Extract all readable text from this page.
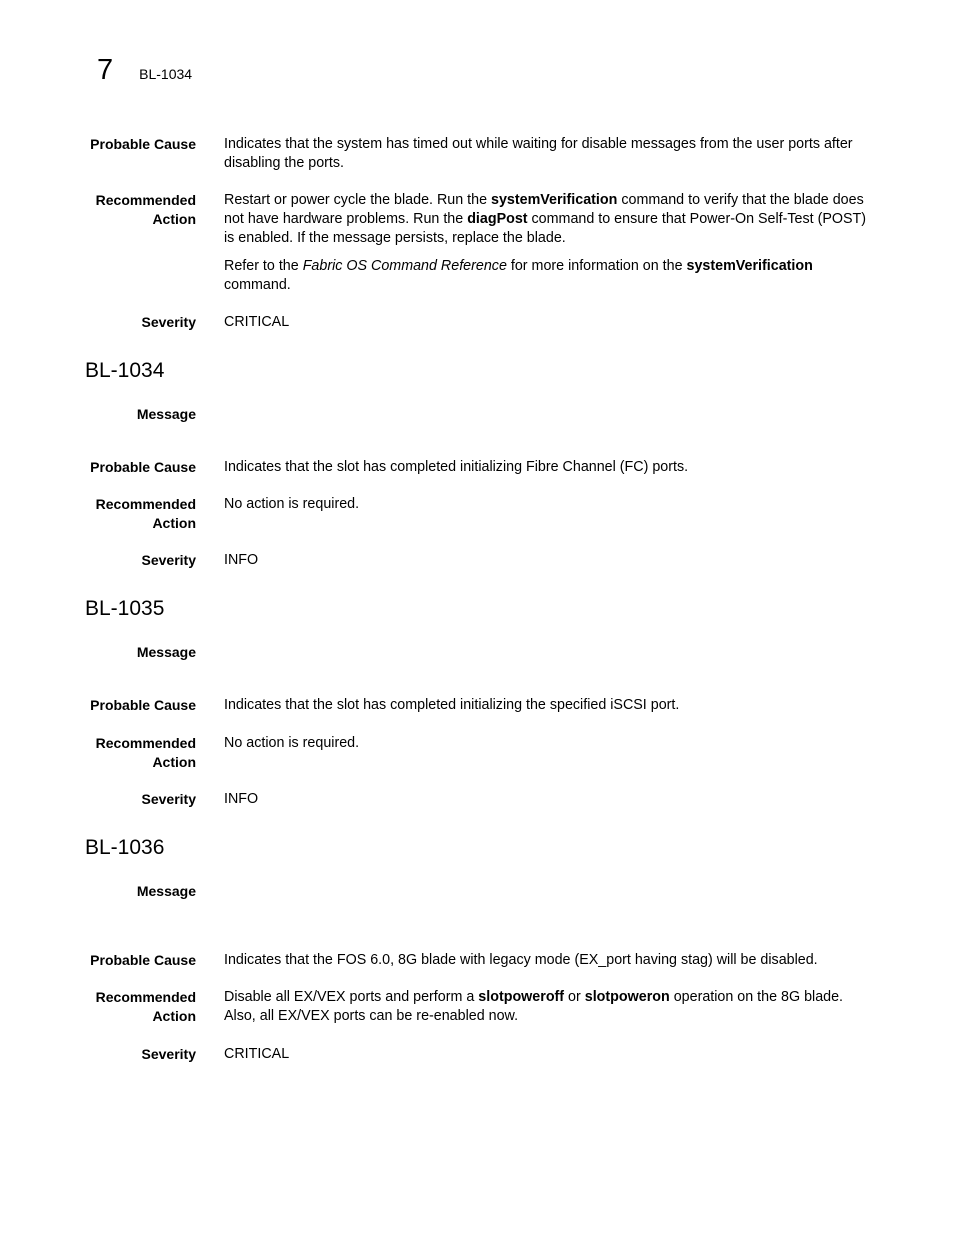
7 BL-1034
Probable Cause Indicates that the system has timed out while waiting for disable messages from the user ports after disabling the ports.
Recommended
Action

Restart or power cycle the blade. Run the systemVerification command to verify that the blade does not have hardware problems. Run the diagPost command to ensure that Power-On Self-Test (POST) is enabled. If the message persists, replace the blade.

Refer to the Fabric OS Command Reference for more information on the systemVerification command.

Severity CRITICAL
BL-1034
Message
Probable Cause Indicates that the slot has completed initializing Fibre Channel (FC) ports.
Recommended
Action
No action is required.
Severity INFO
BL-1035
Message
Probable Cause Indicates that the slot has completed initializing the specified iSCSI port.
Recommended
Action
No action is required.
Severity INFO
BL-1036
Message
Probable Cause Indicates that the FOS 6.0, 8G blade with legacy mode (EX_port having stag) will be disabled.
Recommended
Action
Disable all EX/VEX ports and perform a slotpoweroff or slotpoweron operation on the 8G blade. Also, all EX/VEX ports can be re-enabled now.
Severity CRITICAL
